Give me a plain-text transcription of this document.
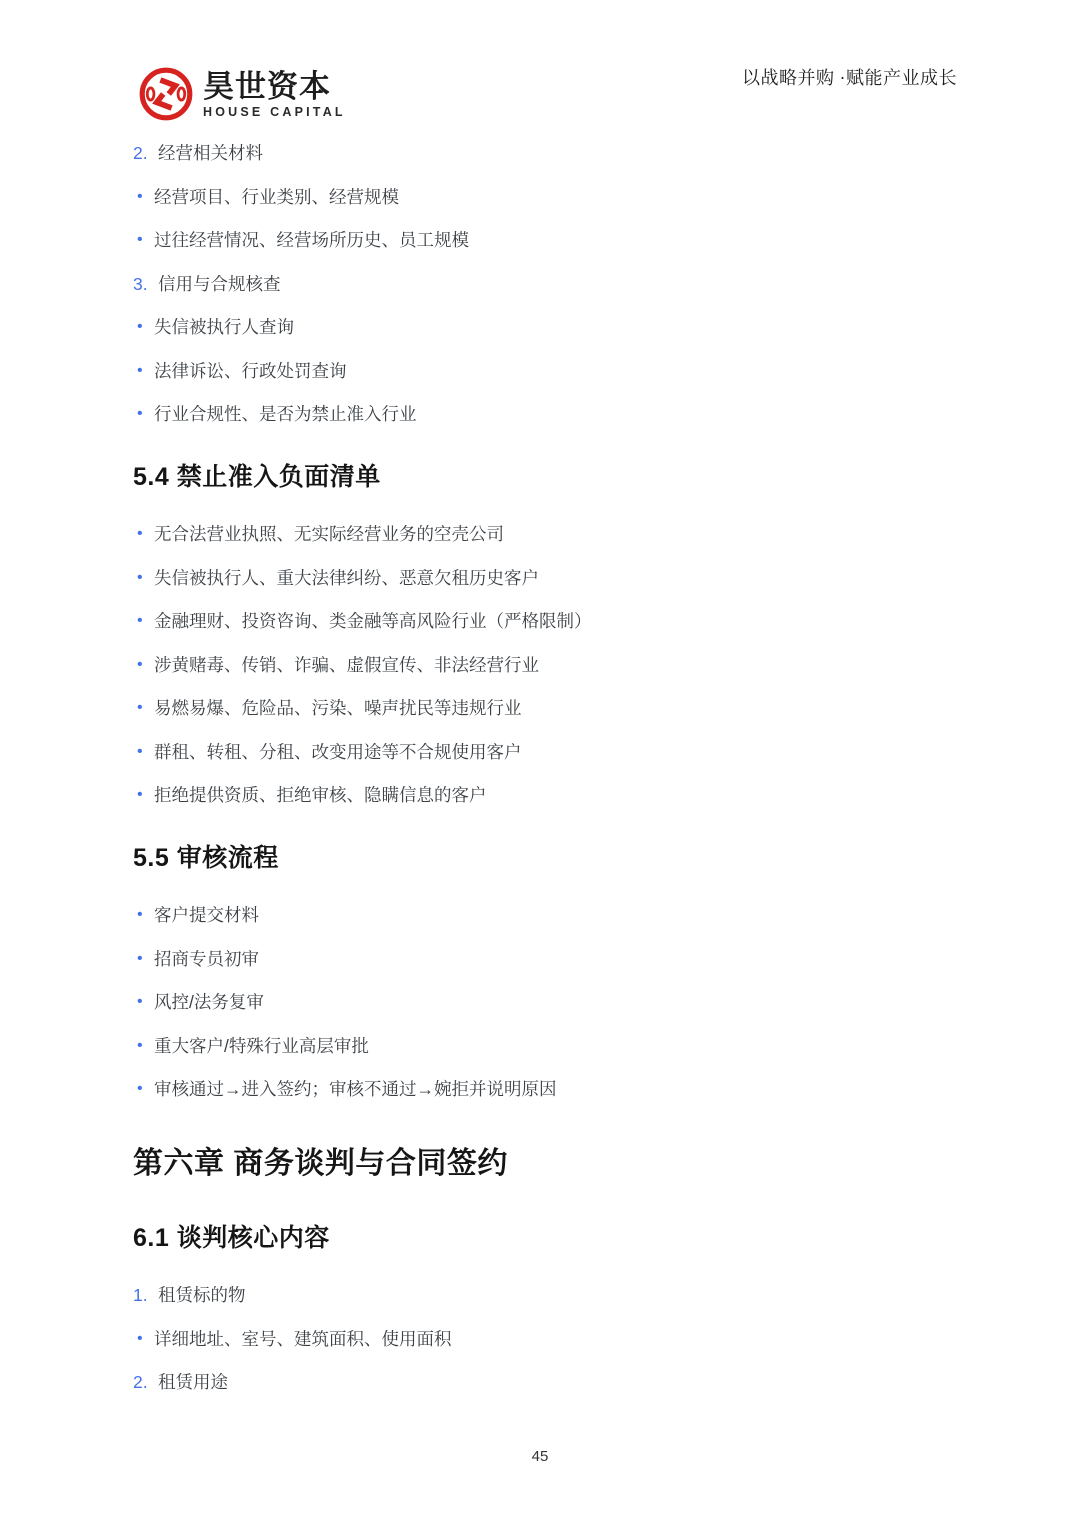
昊世资本
HOUSE CAPITAL
以战略并购 ·赋能产业成长
2. 经营相关材料
• 经营项目、行业类别、经营规模
• 过往经营情况、经营场所历史、员工规模
3. 信用与合规核查
• 失信被执行人查询
• 法律诉讼、行政处罚查询
• 行业合规性、是否为禁止准入行业
5.4 禁止准入负面清单
• 无合法营业执照、无实际经营业务的空壳公司
• 失信被执行人、重大法律纠纷、恶意欠租历史客户
• 金融理财、投资咨询、类金融等高风险行业（严格限制）
• 涉黄赌毒、传销、诈骗、虚假宣传、非法经营行业
• 易燃易爆、危险品、污染、噪声扰民等违规行业
• 群租、转租、分租、改变用途等不合规使用客户
• 拒绝提供资质、拒绝审核、隐瞒信息的客户
5.5 审核流程
• 客户提交材料
• 招商专员初审
• 风控/法务复审
• 重大客户/特殊行业高层审批
• 审核通过→进入签约；审核不通过→婉拒并说明原因
第六章 商务谈判与合同签约
6.1 谈判核心内容
1. 租赁标的物
• 详细地址、室号、建筑面积、使用面积
2. 租赁用途
45
